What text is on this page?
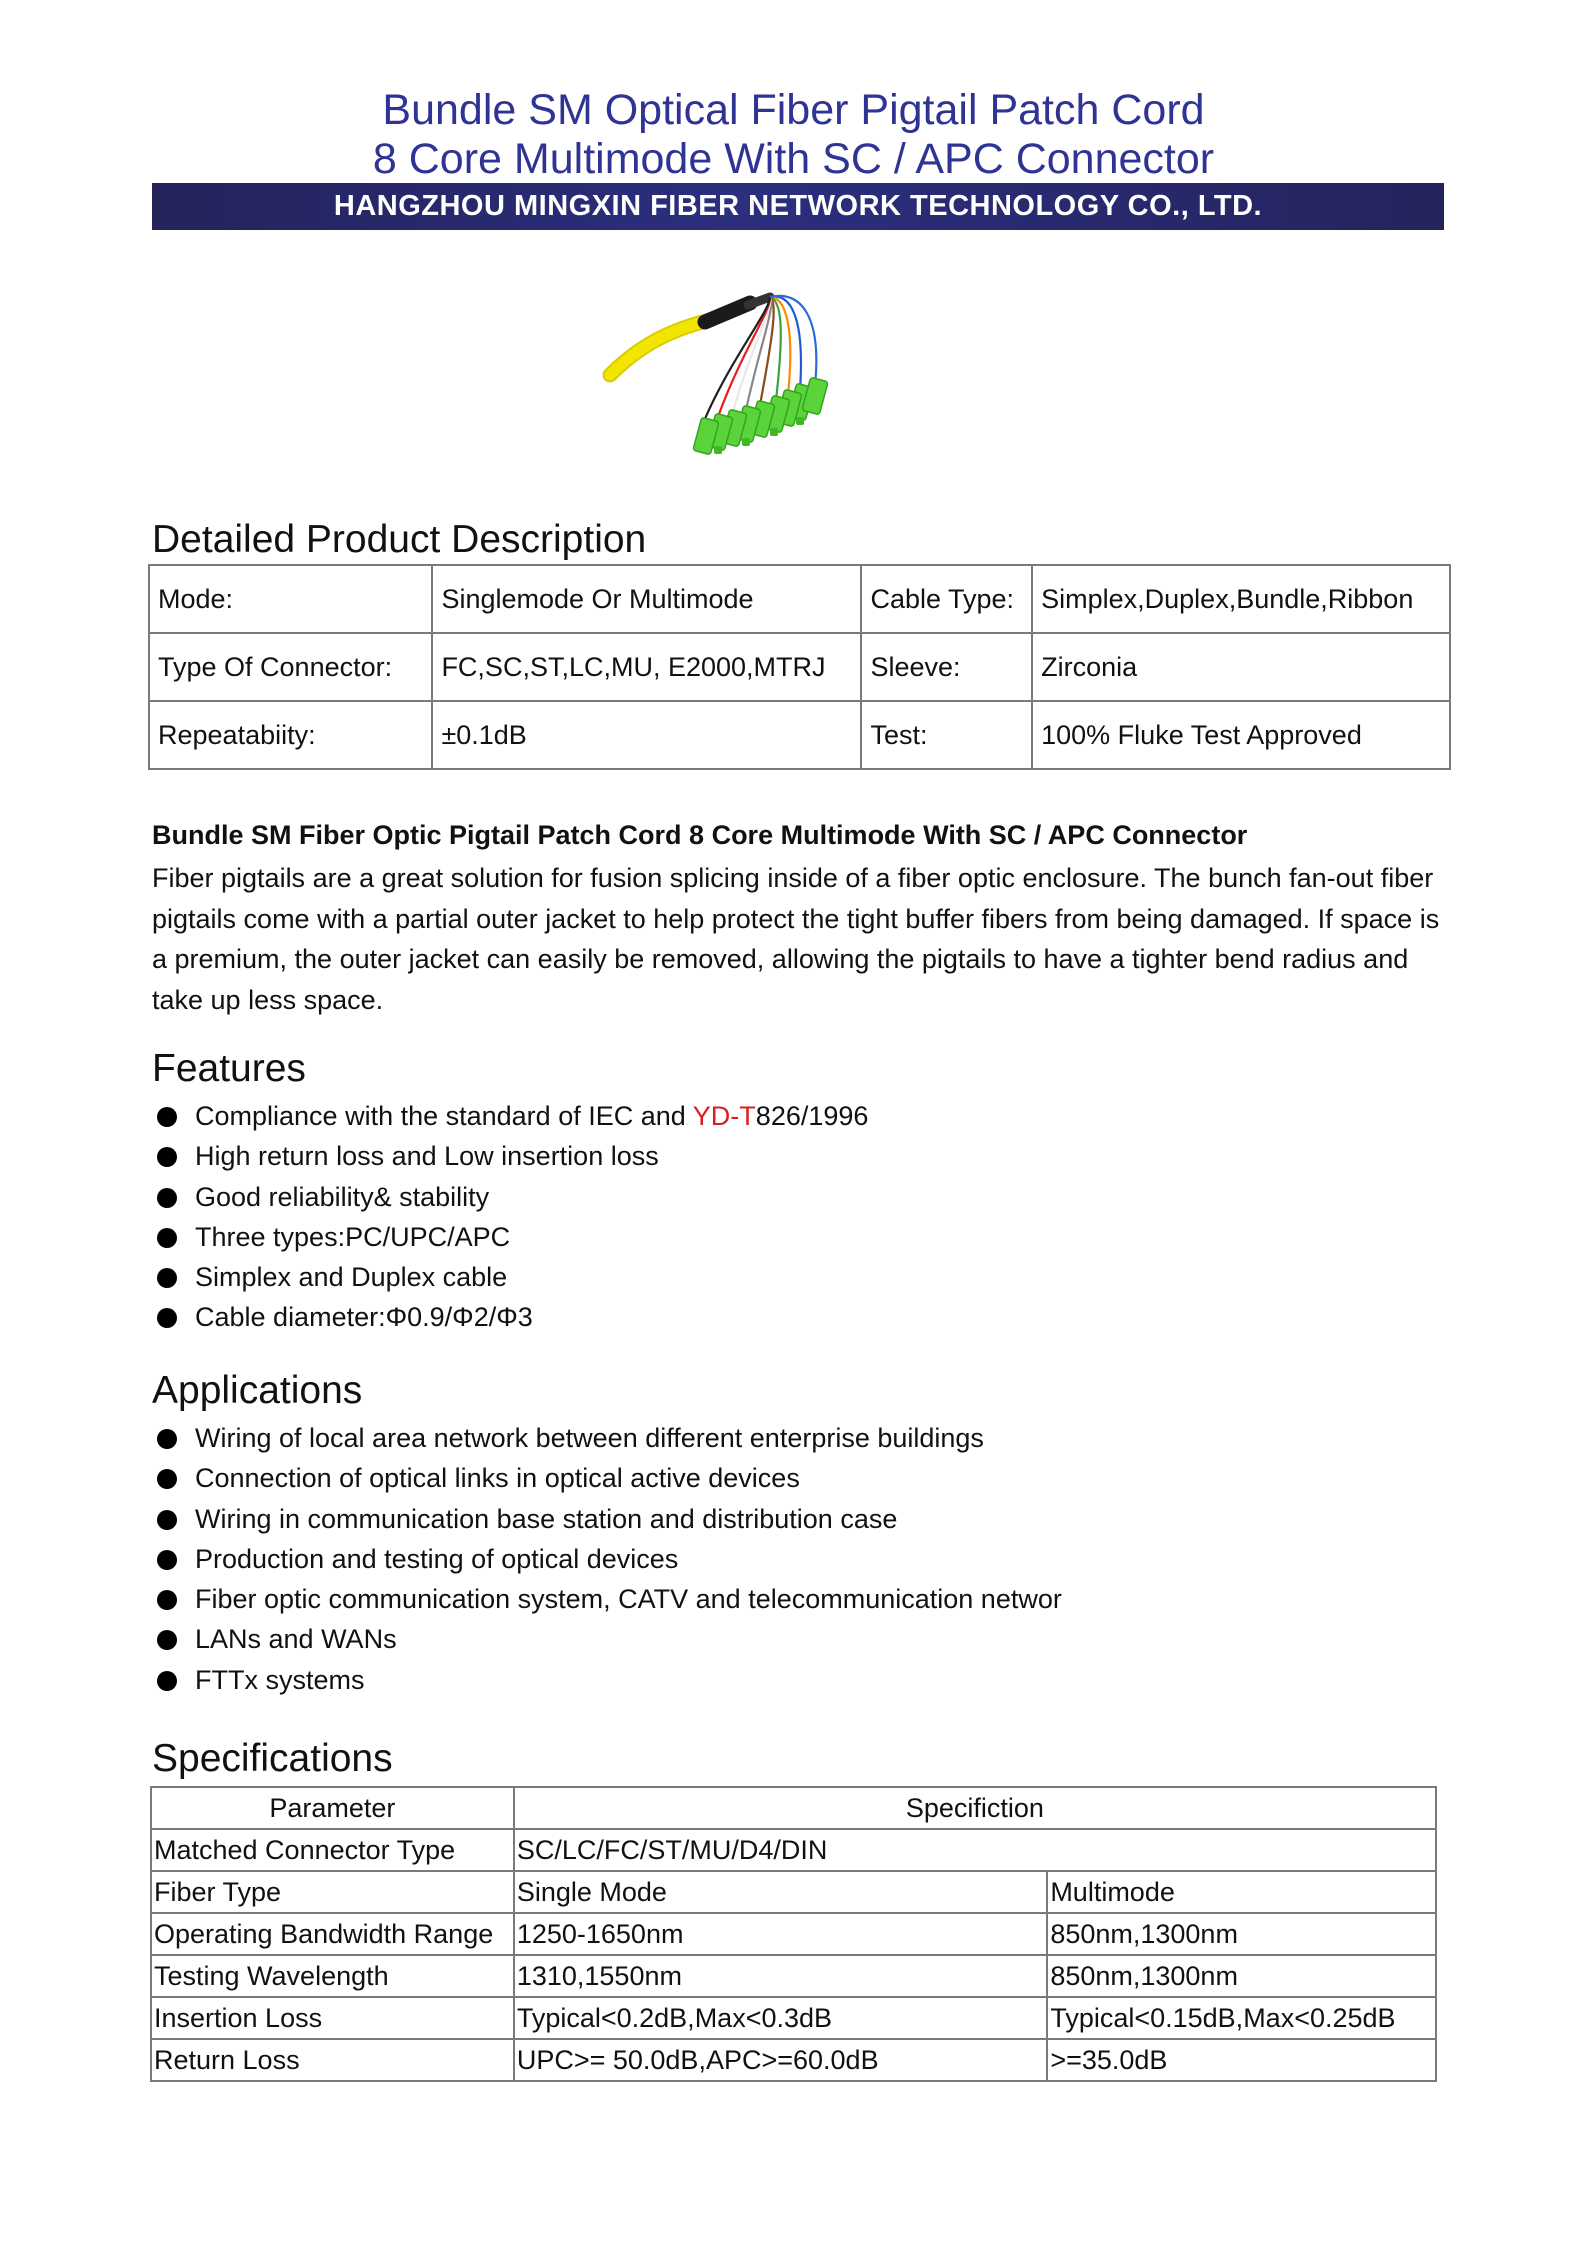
Bundle SM Optical Fiber Pigtail Patch Cord
8 Core Multimode With SC / APC Connector
HANGZHOU MINGXIN FIBER NETWORK TECHNOLOGY CO., LTD.
Detailed Product Description
Mode:	Singlemode Or Multimode	Cable Type:	Simplex,Duplex,Bundle,Ribbon
Type Of Connector:	FC,SC,ST,LC,MU, E2000,MTRJ	Sleeve:	Zirconia
Repeatabiity:	±0.1dB	Test:	100% Fluke Test Approved
Bundle SM Fiber Optic Pigtail Patch Cord 8 Core Multimode With SC / APC Connector

Fiber pigtails are a great solution for fusion splicing inside of a fiber optic enclosure. The bunch fan-out fiber pigtails come with a partial outer jacket to help protect the tight buffer fibers from being damaged. If space is a premium, the outer jacket can easily be removed, allowing the pigtails to have a tighter bend radius and take up less space.

Features
Compliance with the standard of IEC and YD-T826/1996
High return loss and Low insertion loss
Good reliability& stability
Three types:PC/UPC/APC
Simplex and Duplex cable
Cable diameter:Φ0.9/Φ2/Φ3
Applications
Wiring of local area network between different enterprise buildings
Connection of optical links in optical active devices
Wiring in communication base station and distribution case
Production and testing of optical devices
Fiber optic communication system, CATV and telecommunication networ
LANs and WANs
FTTx systems
Specifications
Parameter	Specifiction	
Matched Connector Type	SC/LC/FC/ST/MU/D4/DIN	
Fiber Type	Single Mode	Multimode
Operating Bandwidth Range	1250-1650nm	850nm,1300nm
Testing Wavelength	1310,1550nm	850nm,1300nm
Insertion Loss	Typical<0.2dB,Max<0.3dB	Typical<0.15dB,Max<0.25dB
Return Loss	UPC>= 50.0dB,APC>=60.0dB	>=35.0dB
